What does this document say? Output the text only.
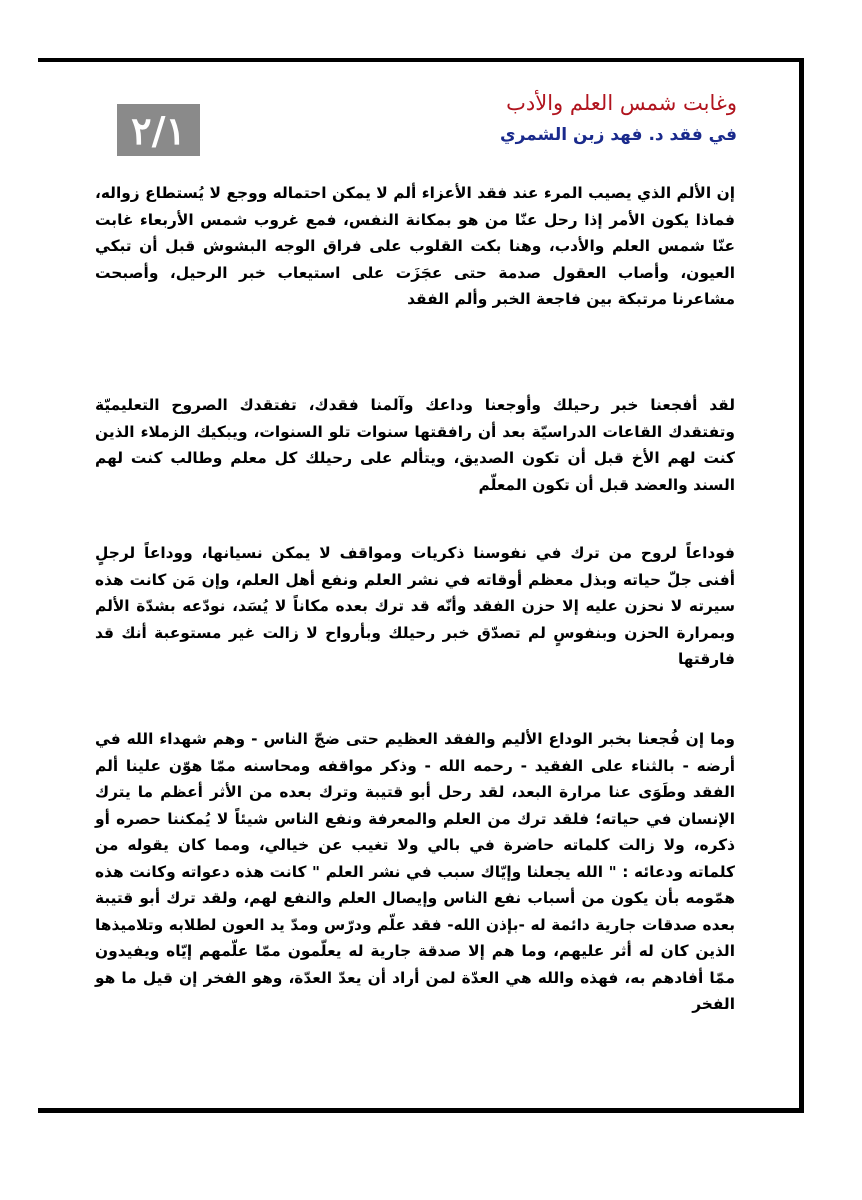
٢/١
وغابت شمس العلم والأدب
في فقد د. فهد زبن الشمري

إن الألم الذي يصيب المرء عند فقد الأعزاء ألم لا يمكن احتماله ووجع لا يُستطاع زواله، فماذا يكون الأمر إذا رحل عنّا من هو بمكانة النفس، فمع غروب شمس الأربعاء غابت عنّا شمس العلم والأدب، وهنا بكت القلوب على فراق الوجه البشوش قبل أن تبكي العيون، وأصاب العقول صدمة حتى عجَزَت على استيعاب خبر الرحيل، وأصبحت مشاعرنا مرتبكة بين فاجعة الخبر وألم الفقد

لقد أفجعنا خبر رحيلك وأوجعنا وداعك وآلمنا فقدك، تفتقدك الصروح التعليميّة وتفتقدك القاعات الدراسيّة بعد أن رافقتها سنوات تلو السنوات، ويبكيك الزملاء الذين كنت لهم الأخ قبل أن تكون الصديق، ويتألم على رحيلك كل معلم وطالب كنت لهم السند والعضد قبل أن تكون المعلّم

فوداعاً لروح من ترك في نفوسنا ذكريات ومواقف لا يمكن نسيانها، ووداعاً لرجلٍ أفنى جلّ حياته وبذل معظم أوقاته في نشر العلم ونفع أهل العلم، وإن مَن كانت هذه سيرته لا نحزن عليه إلا حزن الفقد وأنّه قد ترك بعده مكاناً لا يُسَد، نودّعه بشدّة الألم وبمرارة الحزن وبنفوسٍ لم تصدّق خبر رحيلك وبأرواح لا زالت غير مستوعبة أنك قد فارقتها

وما إن فُجعنا بخبر الوداع الأليم والفقد العظيم حتى ضجّ الناس - وهم شهداء الله في أرضه - بالثناء على الفقيد - رحمه الله - وذكر مواقفه ومحاسنه ممّا هوّن علينا ألم الفقد وطَوَى عنا مرارة البعد، لقد رحل أبو قتيبة وترك بعده من الأثر أعظم ما يترك الإنسان في حياته؛ فلقد ترك من العلم والمعرفة ونفع الناس شيئاً لا يُمكننا حصره أو ذكره، ولا زالت كلماته حاضرة في بالي ولا تغيب عن خيالي، ومما كان يقوله من كلماته ودعائه : " الله يجعلنا وإيّاك سبب في نشر العلم " كانت هذه دعواته وكانت هذه همّومه بأن يكون من أسباب نفع الناس وإيصال العلم والنفع لهم، ولقد ترك أبو قتيبة بعده صدقات جارية دائمة له -بإذن الله- فقد علّم ودرّس ومدّ يد العون لطلابه وتلاميذها الذين كان له أثر عليهم، وما هم إلا صدقة جارية له يعلّمون ممّا علّمهم إيّاه ويفيدون ممّا أفادهم به، فهذه والله هي العدّة لمن أراد أن يعدّ العدّة، وهو الفخر إن قيل ما هو الفخر
